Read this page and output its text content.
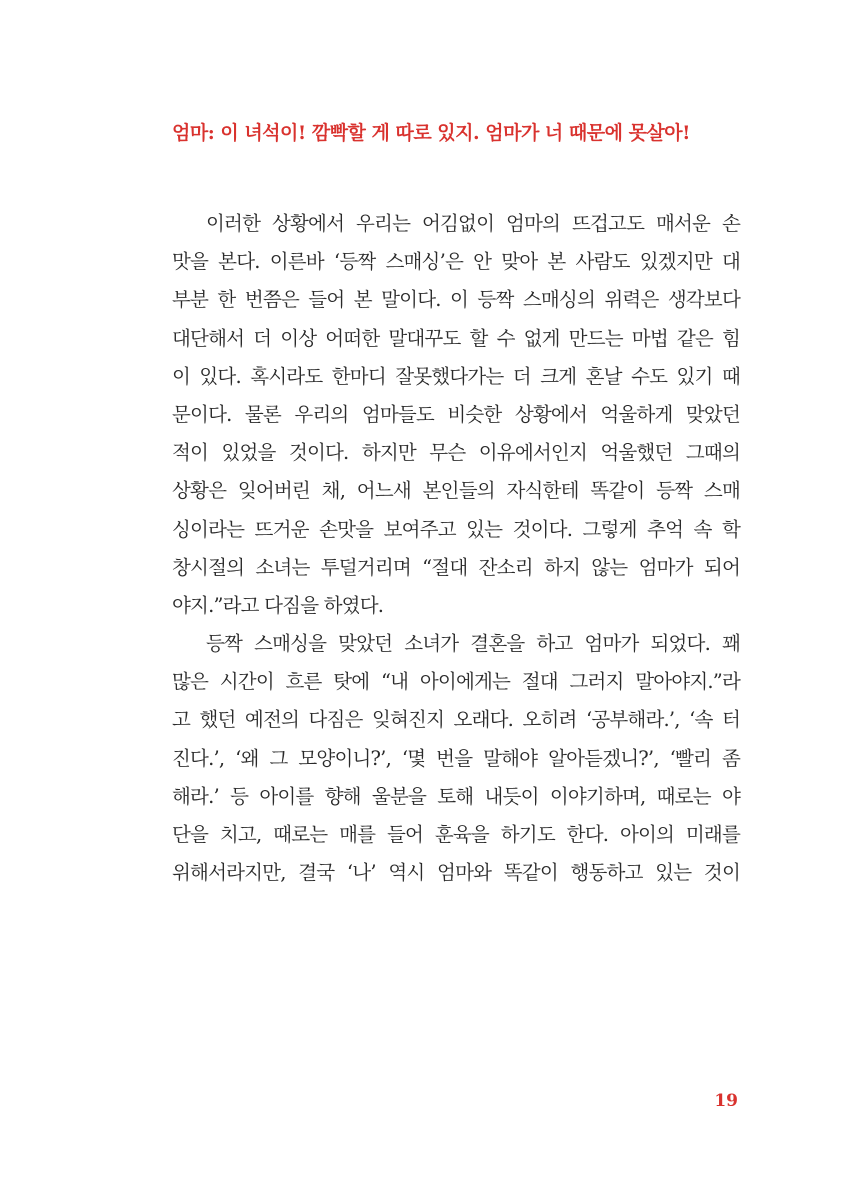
엄마: 이 녀석이! 깜빡할 게 따로 있지. 엄마가 너 때문에 못살아!
이러한 상황에서 우리는 어김없이 엄마의 뜨겁고도 매서운 손
맛을 본다. 이른바 ‘등짝 스매싱’은 안 맞아 본 사람도 있겠지만 대
부분 한 번쯤은 들어 본 말이다. 이 등짝 스매싱의 위력은 생각보다
대단해서 더 이상 어떠한 말대꾸도 할 수 없게 만드는 마법 같은 힘
이 있다. 혹시라도 한마디 잘못했다가는 더 크게 혼날 수도 있기 때
문이다. 물론 우리의 엄마들도 비슷한 상황에서 억울하게 맞았던
적이 있었을 것이다. 하지만 무슨 이유에서인지 억울했던 그때의
상황은 잊어버린 채, 어느새 본인들의 자식한테 똑같이 등짝 스매
싱이라는 뜨거운 손맛을 보여주고 있는 것이다. 그렇게 추억 속 학
창시절의 소녀는 투덜거리며 “절대 잔소리 하지 않는 엄마가 되어
야지.”라고 다짐을 하였다.
등짝 스매싱을 맞았던 소녀가 결혼을 하고 엄마가 되었다. 꽤
많은 시간이 흐른 탓에 “내 아이에게는 절대 그러지 말아야지.”라
고 했던 예전의 다짐은 잊혀진지 오래다. 오히려 ‘공부해라.’, ‘속 터
진다.’, ‘왜 그 모양이니?’, ‘몇 번을 말해야 알아듣겠니?’, ‘빨리 좀
해라.’ 등 아이를 향해 울분을 토해 내듯이 이야기하며, 때로는 야
단을 치고, 때로는 매를 들어 훈육을 하기도 한다. 아이의 미래를
위해서라지만, 결국 ‘나’ 역시 엄마와 똑같이 행동하고 있는 것이
19
